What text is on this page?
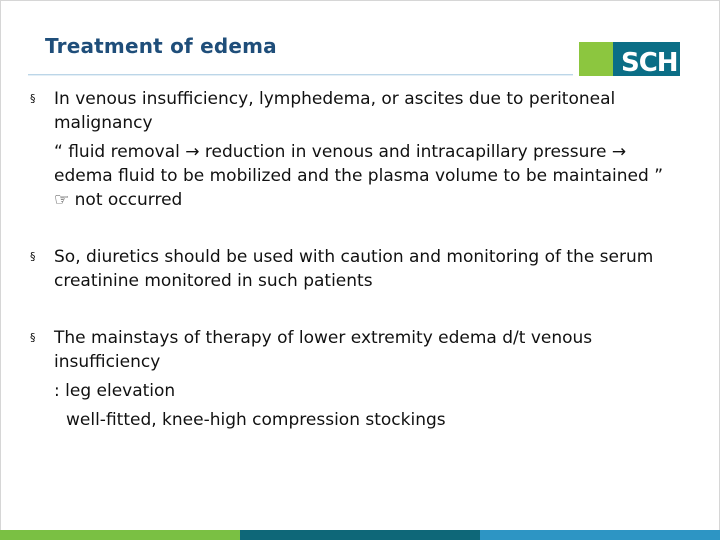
Treatment of edema
SCH
§ In venous insufficiency, lymphedema, or ascites due to peritoneal
malignancy
“ fluid removal → reduction in venous and intracapillary pressure →
edema fluid to be mobilized and the plasma volume to be maintained ”
☞ not occurred
§ So, diuretics should be used with caution and monitoring of the serum
creatinine monitored in such patients
§ The mainstays of therapy of lower extremity edema d/t venous
insufficiency
: leg elevation
well-fitted, knee-high compression stockings
